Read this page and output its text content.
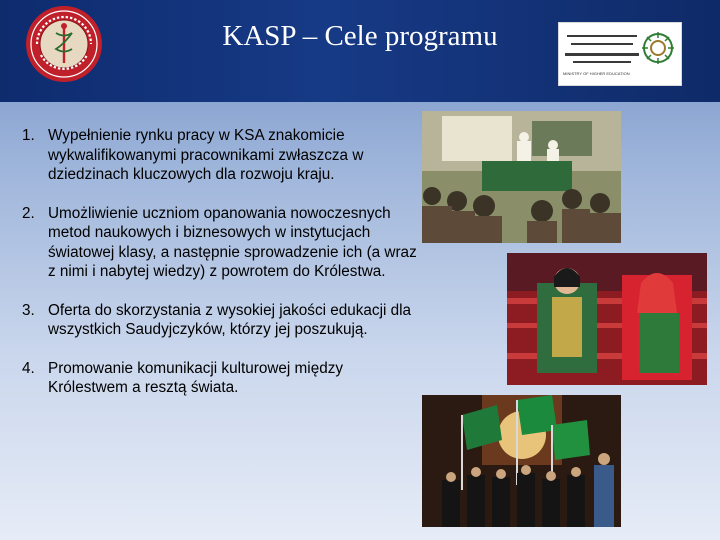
KASP – Cele programu
MINISTRY OF HIGHER EDUCATION
1. Wypełnienie rynku pracy w KSA znakomicie wykwalifikowanymi pracownikami zwłaszcza w dziedzinach kluczowych dla rozwoju kraju.
2. Umożliwienie uczniom opanowania nowoczesnych metod naukowych i biznesowych w instytucjach światowej klasy, a następnie sprowadzenie ich (a wraz z nimi i nabytej wiedzy) z powrotem do Królestwa.
3. Oferta do skorzystania z wysokiej jakości edukacji dla wszystkich Saudyjczyków, którzy jej poszukują.
4. Promowanie komunikacji kulturowej między Królestwem a resztą świata.
